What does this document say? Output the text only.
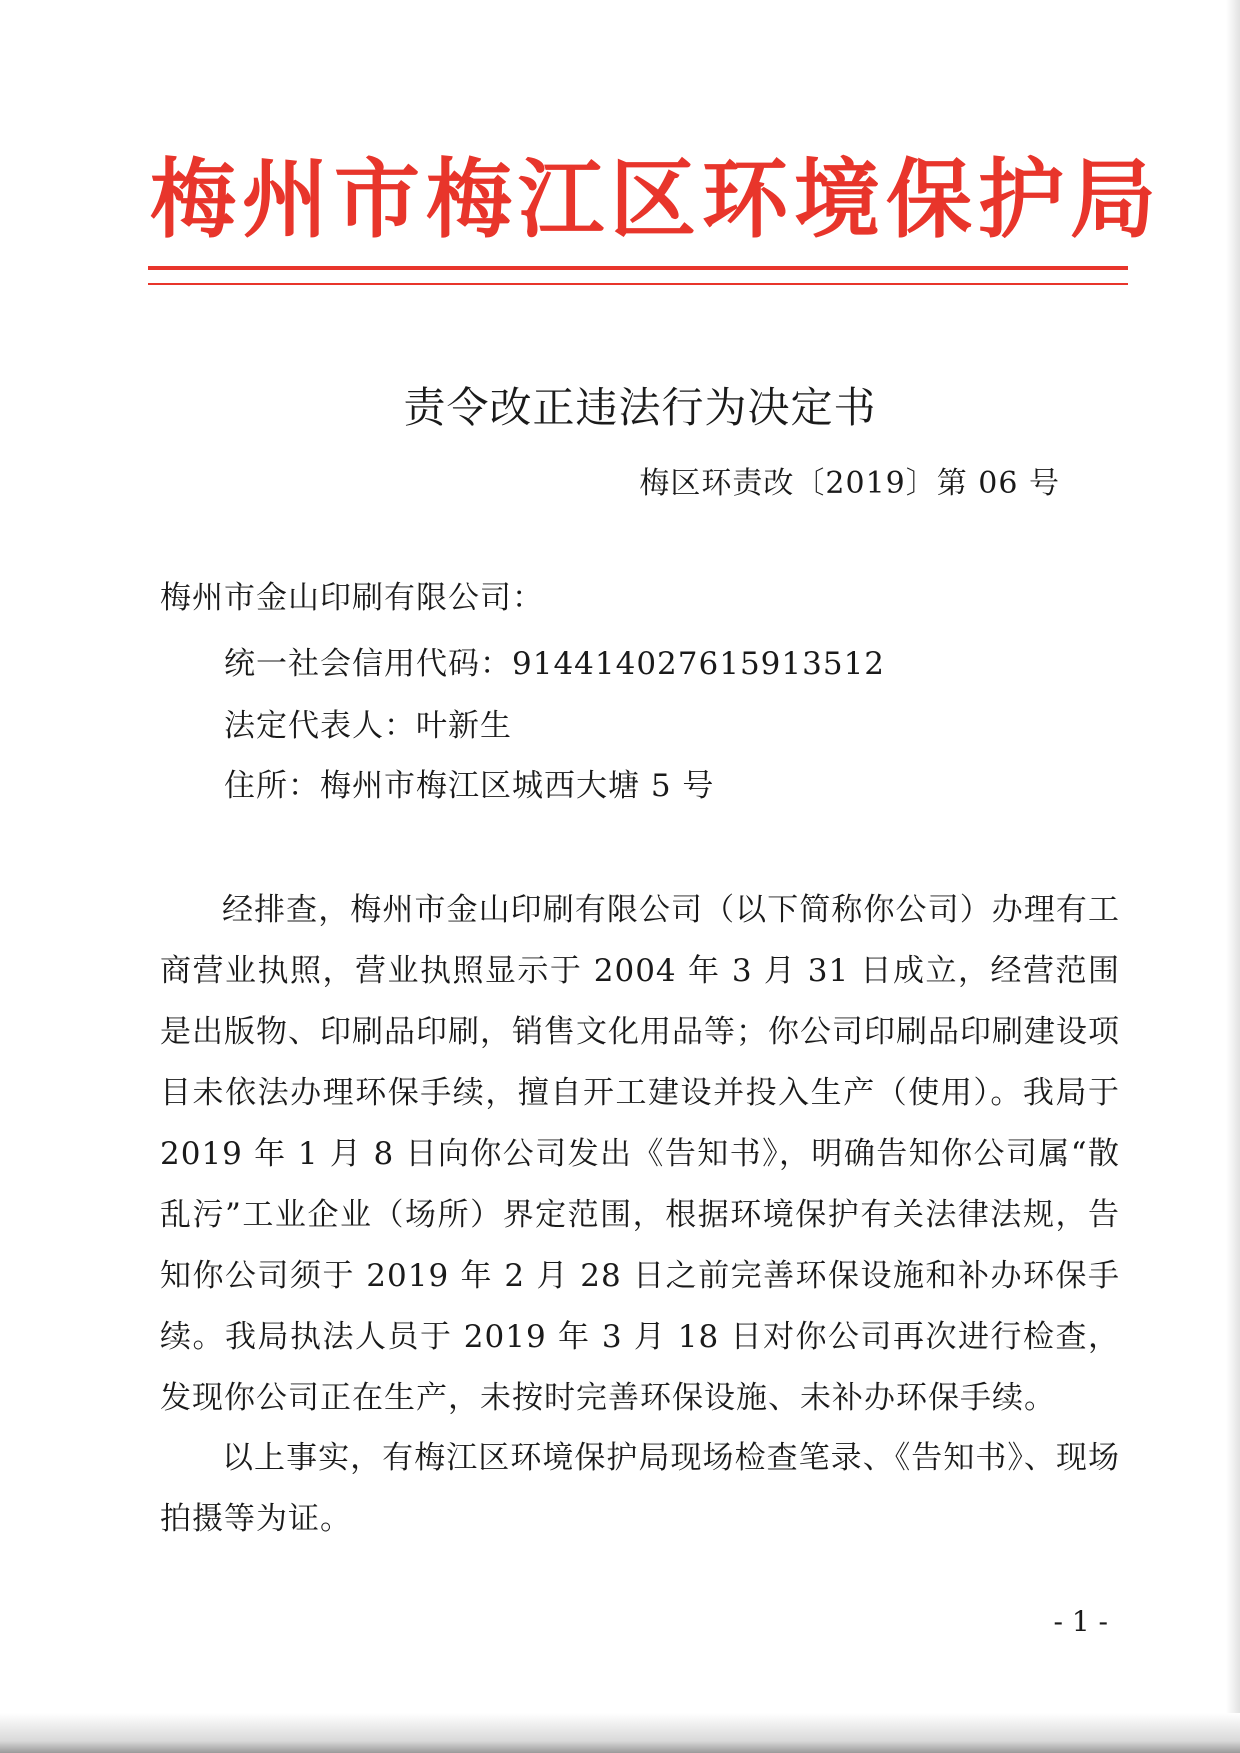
梅州市梅江区环境保护局
责令改正违法行为决定书
梅区环责改〔2019〕第 06 号
梅州市金山印刷有限公司：
统一社会信用代码：914414027615913512
法定代表人：叶新生
住所：梅州市梅江区城西大塘 5 号

经排查，梅州市金山印刷有限公司（以下简称你公司）办理有工商营业执照，营业执照显示于 2004 年 3 月 31 日成立，经营范围是出版物、印刷品印刷，销售文化用品等；你公司印刷品印刷建设项目未依法办理环保手续，擅自开工建设并投入生产（使用）。我局于 2019 年 1 月 8 日向你公司发出《告知书》，明确告知你公司属“散乱污”工业企业（场所）界定范围，根据环境保护有关法律法规，告知你公司须于 2019 年 2 月 28 日之前完善环保设施和补办环保手续。我局执法人员于 2019 年 3 月 18 日对你公司再次进行检查，发现你公司正在生产，未按时完善环保设施、未补办环保手续。

以上事实，有梅江区环境保护局现场检查笔录、《告知书》、现场拍摄等为证。

- 1 -
